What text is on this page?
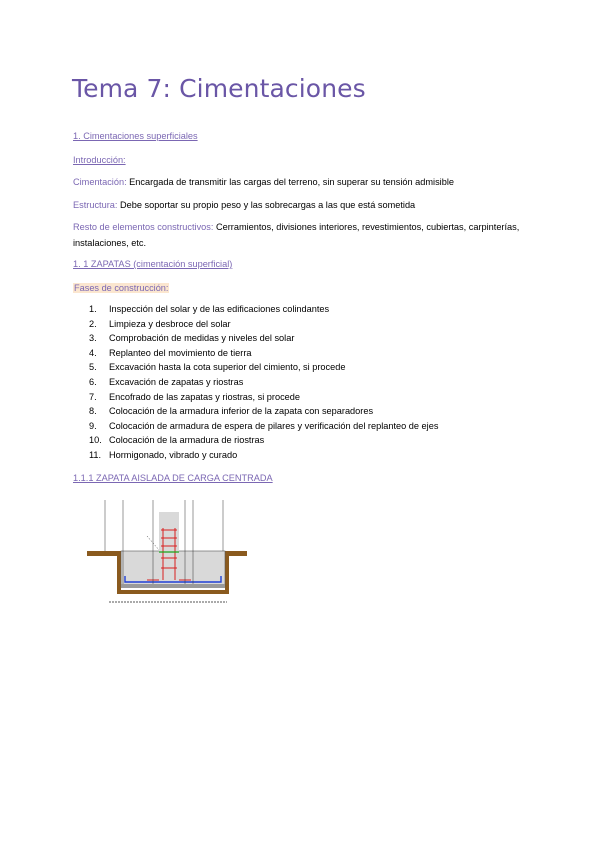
Tema 7: Cimentaciones
1. Cimentaciones superficiales
Introducción:
Cimentación: Encargada de transmitir las cargas del terreno, sin superar su tensión admisible
Estructura: Debe soportar su propio peso y las sobrecargas a las que está sometida
Resto de elementos constructivos: Cerramientos, divisiones interiores, revestimientos, cubiertas, carpinterías, instalaciones, etc.
1. 1 ZAPATAS (cimentación superficial)
Fases de construcción:
1.	Inspección del solar y de las edificaciones colindantes
2.	Limpieza y desbroce del solar
3.	Comprobación de medidas y niveles del solar
4.	Replanteo del movimiento de tierra
5.	Excavación hasta la cota superior del cimiento, si procede
6.	Excavación de zapatas y riostras
7.	Encofrado de las zapatas y riostras, si procede
8.	Colocación de la armadura inferior de la zapata con separadores
9.	Colocación de armadura de espera de pilares y verificación del replanteo de ejes
10. Colocación de la armadura de riostras
11. Hormigonado, vibrado y curado
1.1.1 ZAPATA AISLADA DE CARGA CENTRADA
